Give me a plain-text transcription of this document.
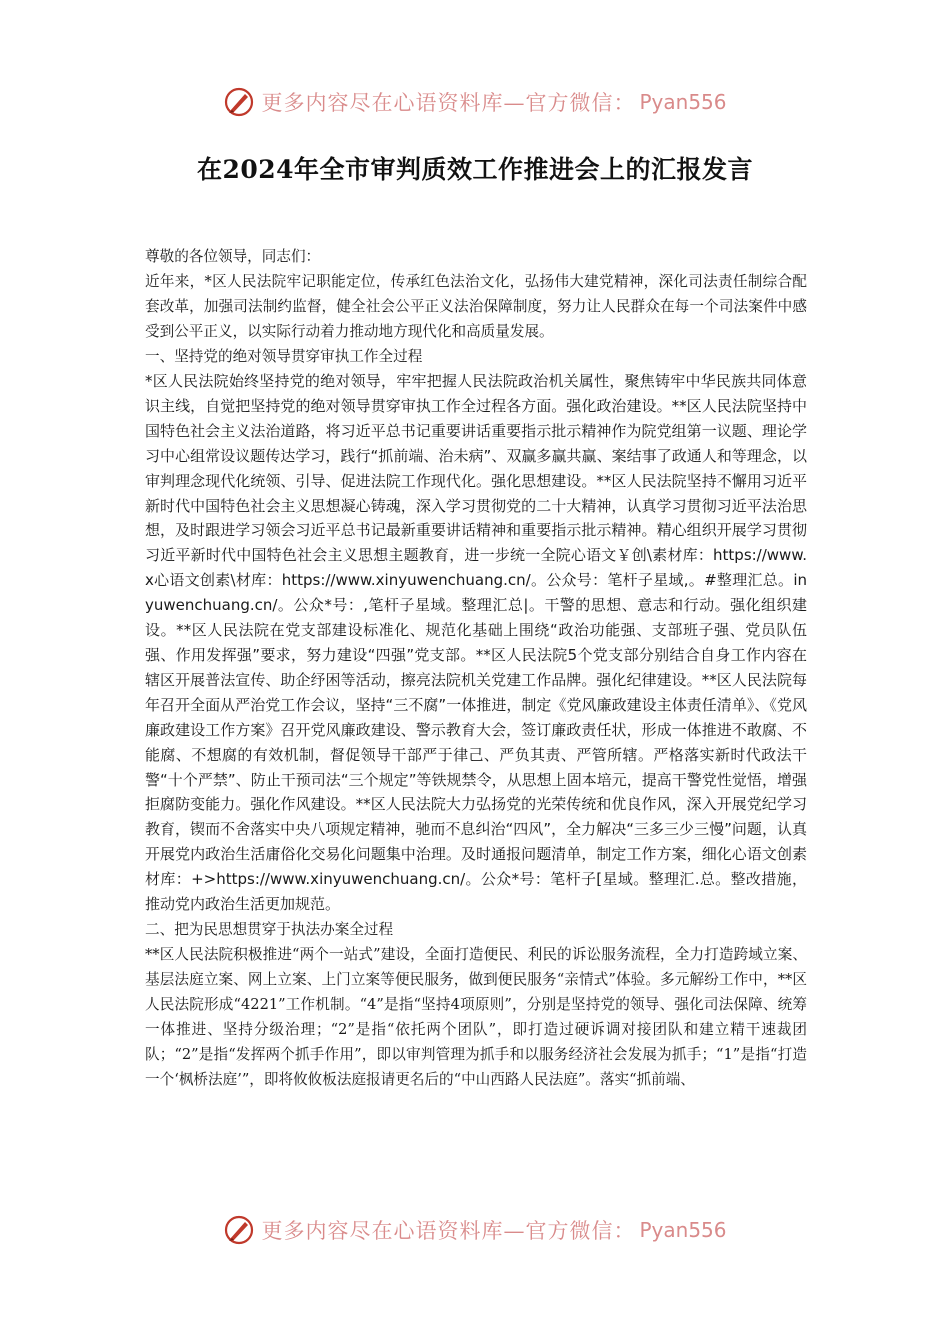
更多内容尽在心语资料库—官方微信： Pyan556
在2024年全市审判质效工作推进会上的汇报发言

尊敬的各位领导，同志们：

近年来，*区人民法院牢记职能定位，传承红色法治文化，弘扬伟大建党精神，深化司法责任制综合配套改革，加强司法制约监督，健全社会公平正义法治保障制度，努力让人民群众在每一个司法案件中感受到公平正义，以实际行动着力推动地方现代化和高质量发展。

一、坚持党的绝对领导贯穿审执工作全过程

*区人民法院始终坚持党的绝对领导，牢牢把握人民法院政治机关属性，聚焦铸牢中华民族共同体意识主线，自觉把坚持党的绝对领导贯穿审执工作全过程各方面。强化政治建设。**区人民法院坚持中国特色社会主义法治道路，将习近平总书记重要讲话重要指示批示精神作为院党组第一议题、理论学习中心组常设议题传达学习，践行“抓前端、治未病”、双赢多赢共赢、案结事了政通人和等理念，以审判理念现代化统领、引导、促进法院工作现代化。强化思想建设。**区人民法院坚持不懈用习近平新时代中国特色社会主义思想凝心铸魂，深入学习贯彻党的二十大精神，认真学习贯彻习近平法治思想，及时跟进学习领会习近平总书记最新重要讲话精神和重要指示批示精神。精心组织开展学习贯彻习近平新时代中国特色社会主义思想主题教育，进一步统一全院心语文￥创\素材库：https://www.x心语文创素\材库：https://www.xinyuwenchuang.cn/。公众号：笔杆子星域,。#整理汇总。inyuwenchuang.cn/。公众*号：,笔杆子星域。整理汇总|。干警的思想、意志和行动。强化组织建设。**区人民法院在党支部建设标准化、规范化基础上围绕“政治功能强、支部班子强、党员队伍强、作用发挥强”要求，努力建设“四强”党支部。**区人民法院5个党支部分别结合自身工作内容在辖区开展普法宣传、助企纾困等活动，擦亮法院机关党建工作品牌。强化纪律建设。**区人民法院每年召开全面从严治党工作会议，坚持“三不腐”一体推进，制定《党风廉政建设主体责任清单》、《党风廉政建设工作方案》召开党风廉政建设、警示教育大会，签订廉政责任状，形成一体推进不敢腐、不能腐、不想腐的有效机制，督促领导干部严于律己、严负其责、严管所辖。严格落实新时代政法干警“十个严禁”、防止干预司法“三个规定”等铁规禁令，从思想上固本培元，提高干警党性觉悟，增强拒腐防变能力。强化作风建设。**区人民法院大力弘扬党的光荣传统和优良作风，深入开展党纪学习教育，锲而不舍落实中央八项规定精神，驰而不息纠治“四风”，全力解决“三多三少三慢”问题，认真开展党内政治生活庸俗化交易化问题集中治理。及时通报问题清单，制定工作方案，细化心语文创素材库：+>https://www.xinyuwenchuang.cn/。公众*号：笔杆子[星域。整理汇.总。整改措施，推动党内政治生活更加规范。

二、把为民思想贯穿于执法办案全过程

**区人民法院积极推进“两个一站式”建设，全面打造便民、利民的诉讼服务流程，全力打造跨域立案、基层法庭立案、网上立案、上门立案等便民服务，做到便民服务“亲情式”体验。多元解纷工作中，**区人民法院形成“4221”工作机制。“4”是指“坚持4项原则”，分别是坚持党的领导、强化司法保障、统筹一体推进、坚持分级治理；“2”是指“依托两个团队”，即打造过硬诉调对接团队和建立精干速裁团队；“2”是指“发挥两个抓手作用”，即以审判管理为抓手和以服务经济社会发展为抓手；“1”是指“打造一个‘枫桥法庭’”，即将攸攸板法庭报请更名后的“中山西路人民法庭”。落实“抓前端、

更多内容尽在心语资料库—官方微信： Pyan556
